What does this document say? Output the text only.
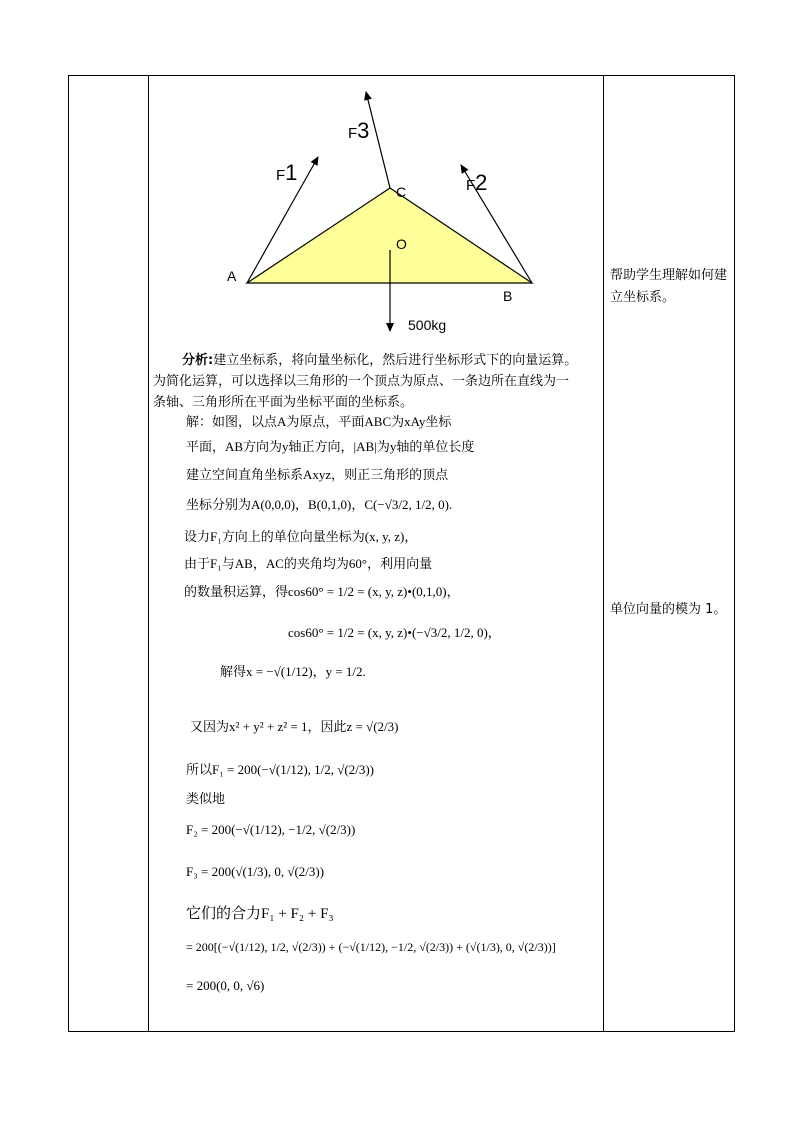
A
B
C
O
500kg
F1
F2
F3
分析:建立坐标系，将向量坐标化，然后进行坐标形式下的向量运算。
为简化运算，可以选择以三角形的一个顶点为原点、一条边所在直线为一
条轴、三角形所在平面为坐标平面的坐标系。
解：如图，以点A为原点，平面ABC为xAy坐标
平面，AB方向为y轴正方向，|AB|为y轴的单位长度
建立空间直角坐标系Axyz，则正三角形的顶点
坐标分别为A(0,0,0)，B(0,1,0)，C(−√3/2, 1/2, 0).
设力F₁方向上的单位向量坐标为(x, y, z)，
由于F₁与AB，AC的夹角均为60°，利用向量
的数量积运算，得cos60° = 1/2 = (x, y, z)•(0,1,0)，
cos60° = 1/2 = (x, y, z)•(−√3/2, 1/2, 0)，
解得x = −√(1/12)，y = 1/2.
又因为x² + y² + z² = 1，因此z = √(2/3)
所以F₁ = 200(−√(1/12), 1/2, √(2/3))
类似地
F₂ = 200(−√(1/12), −1/2, √(2/3))
F₃ = 200(√(1/3), 0, √(2/3))
它们的合力F₁ + F₂ + F₃
= 200[(−√(1/12), 1/2, √(2/3)) + (−√(1/12), −1/2, √(2/3)) + (√(1/3), 0, √(2/3))]
= 200(0, 0, √6)
帮助学生理解如何建立坐标系。
单位向量的模为 1。
